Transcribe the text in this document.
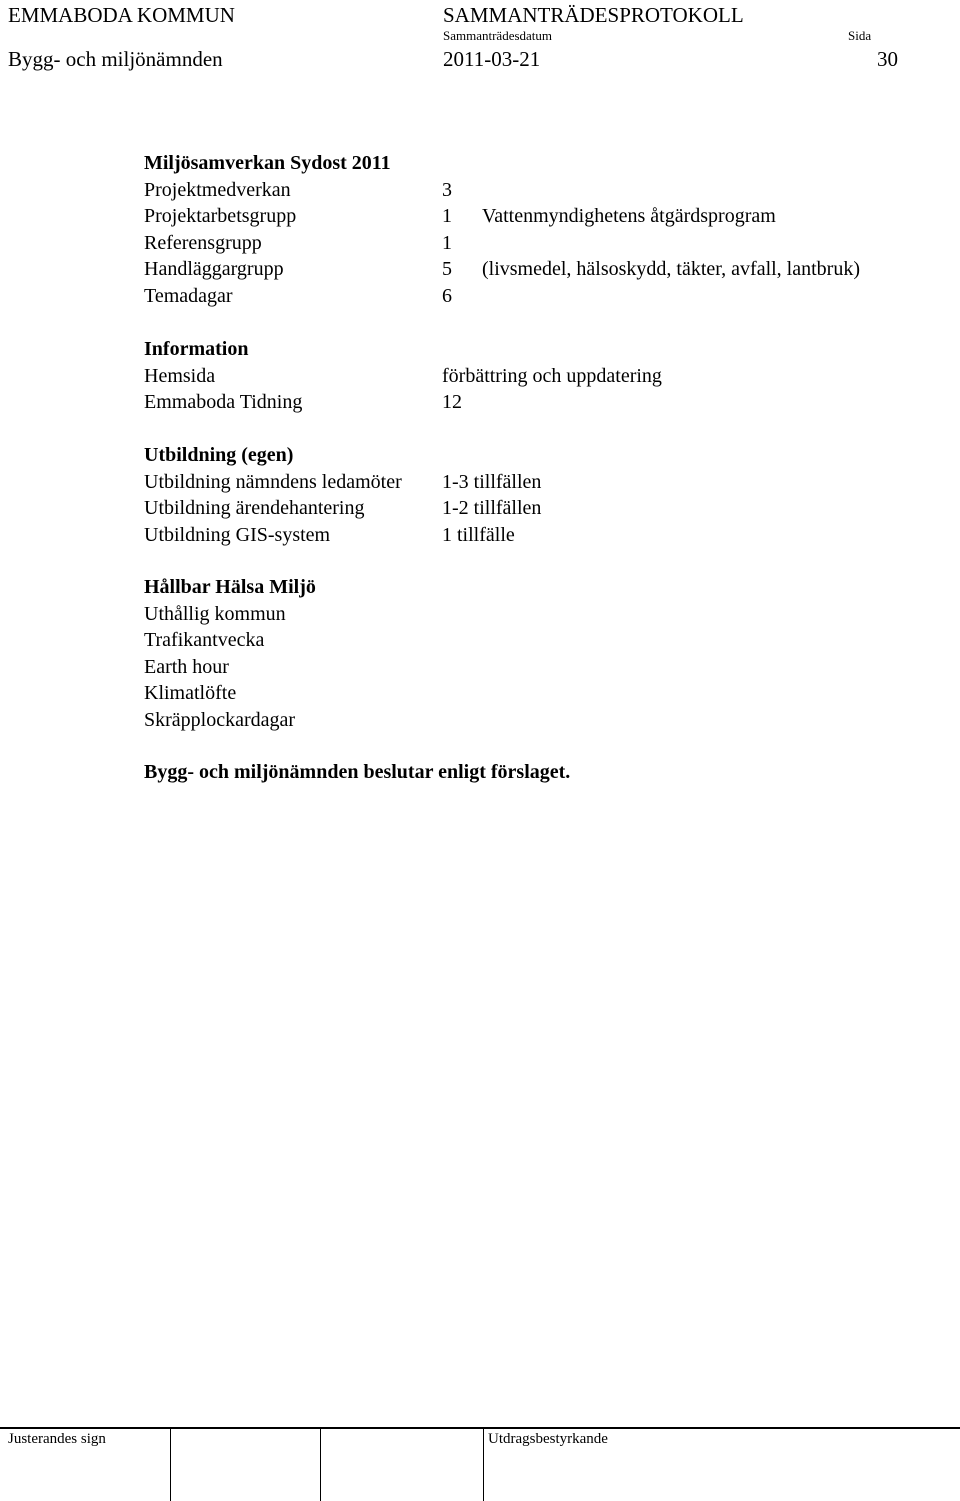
EMMABODA KOMMUN	SAMMANTRÄDESPROTOKOLL
Sammanträdesdatum	Sida
Bygg- och miljönämnden	2011-03-21	30
Miljösamverkan Sydost 2011
Projektmedverkan	3
Projektarbetsgrupp	1 Vattenmyndighetens åtgärdsprogram
Referensgrupp	1
Handläggargrupp	5 (livsmedel, hälsoskydd, täkter, avfall, lantbruk)
Temadagar	6
Information
Hemsida	förbättring och uppdatering
Emmaboda Tidning	12
Utbildning (egen)
Utbildning nämndens ledamöter 1-3 tillfällen
Utbildning ärendehantering	1-2 tillfällen
Utbildning GIS-system	1 tillfälle
Hållbar Hälsa Miljö
Uthållig kommun
Trafikantvecka
Earth hour
Klimatlöfte
Skräpplockardagar
Bygg- och miljönämnden beslutar enligt förslaget.
Justerandes sign	Utdragsbestyrkande
